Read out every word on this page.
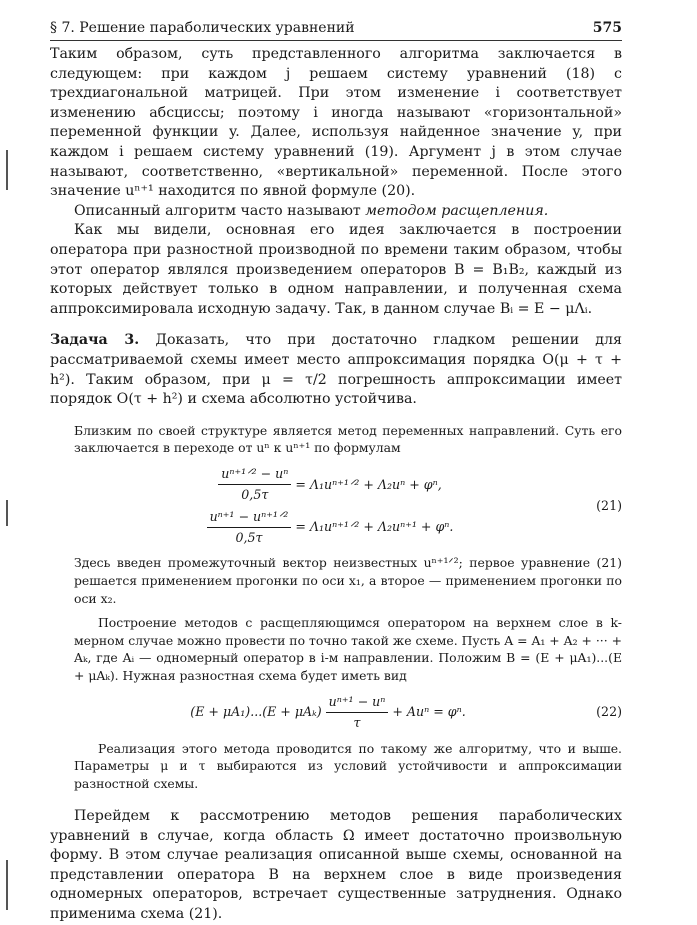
§ 7. Решение параболических уравнений	575

Таким образом, суть представленного алгоритма заключается в следующем: при каждом j решаем систему уравнений (18) с трехдиагональной матрицей. При этом изменение i соответствует изменению абсциссы; поэтому i иногда называют «горизонтальной» переменной функции y. Далее, используя найденное значение y, при каждом i решаем систему уравнений (19). Аргумент j в этом случае называют, соответственно, «вертикальной» переменной. После этого значение uⁿ⁺¹ находится по явной формуле (20).

Описанный алгоритм часто называют методом расщепления.

Как мы видели, основная его идея заключается в построении оператора при разностной производной по времени таким образом, чтобы этот оператор являлся произведением операторов B = B₁B₂, каждый из которых действует только в одном направлении, и полученная схема аппроксимировала исходную задачу. Так, в данном случае Bᵢ = E − μΛᵢ.

Задача 3. Доказать, что при достаточно гладком решении для рассматриваемой схемы имеет место аппроксимация порядка O(μ + τ + h²). Таким образом, при μ = τ/2 погрешность аппроксимации имеет порядок O(τ + h²) и схема абсолютно устойчива.

Близким по своей структуре является метод переменных направлений. Суть его заключается в переходе от uⁿ к uⁿ⁺¹ по формулам

$\frac{\text{uⁿ⁺¹ᐟ² − uⁿ}}{0,5\tau}$ = Λ₁uⁿ⁺¹ᐟ² + Λ₂uⁿ + φⁿ,
$\frac{\text{uⁿ⁺¹ − uⁿ⁺¹ᐟ²}}{0,5\tau}$ = Λ₁uⁿ⁺¹ᐟ² + Λ₂uⁿ⁺¹ + φⁿ.
(21)

Здесь введен промежуточный вектор неизвестных uⁿ⁺¹ᐟ²; первое уравнение (21) решается применением прогонки по оси x₁, а второе — применением прогонки по оси x₂.

Построение методов с расщепляющимся оператором на верхнем слое в k-мерном случае можно провести по точно такой же схеме. Пусть A = A₁ + A₂ + ··· + Aₖ, где Aᵢ — одномерный оператор в i-м направлении. Положим B = (E + μA₁)...(E + μAₖ). Нужная разностная схема будет иметь вид

$(E + \mu A_1)...(E + \mu A_k) \frac{\text{uⁿ⁺¹ − uⁿ}}{\tau} + Au^n = \varphi^n$.	(22)

Реализация этого метода проводится по такому же алгоритму, что и выше. Параметры μ и τ выбираются из условий устойчивости и аппроксимации разностной схемы.

Перейдем к рассмотрению методов решения параболических уравнений в случае, когда область Ω имеет достаточно произвольную форму. В этом случае реализация описанной выше схемы, основанной на представлении оператора B на верхнем слое в виде произведения одномерных операторов, встречает существенные затруднения. Однако применима схема (21).
